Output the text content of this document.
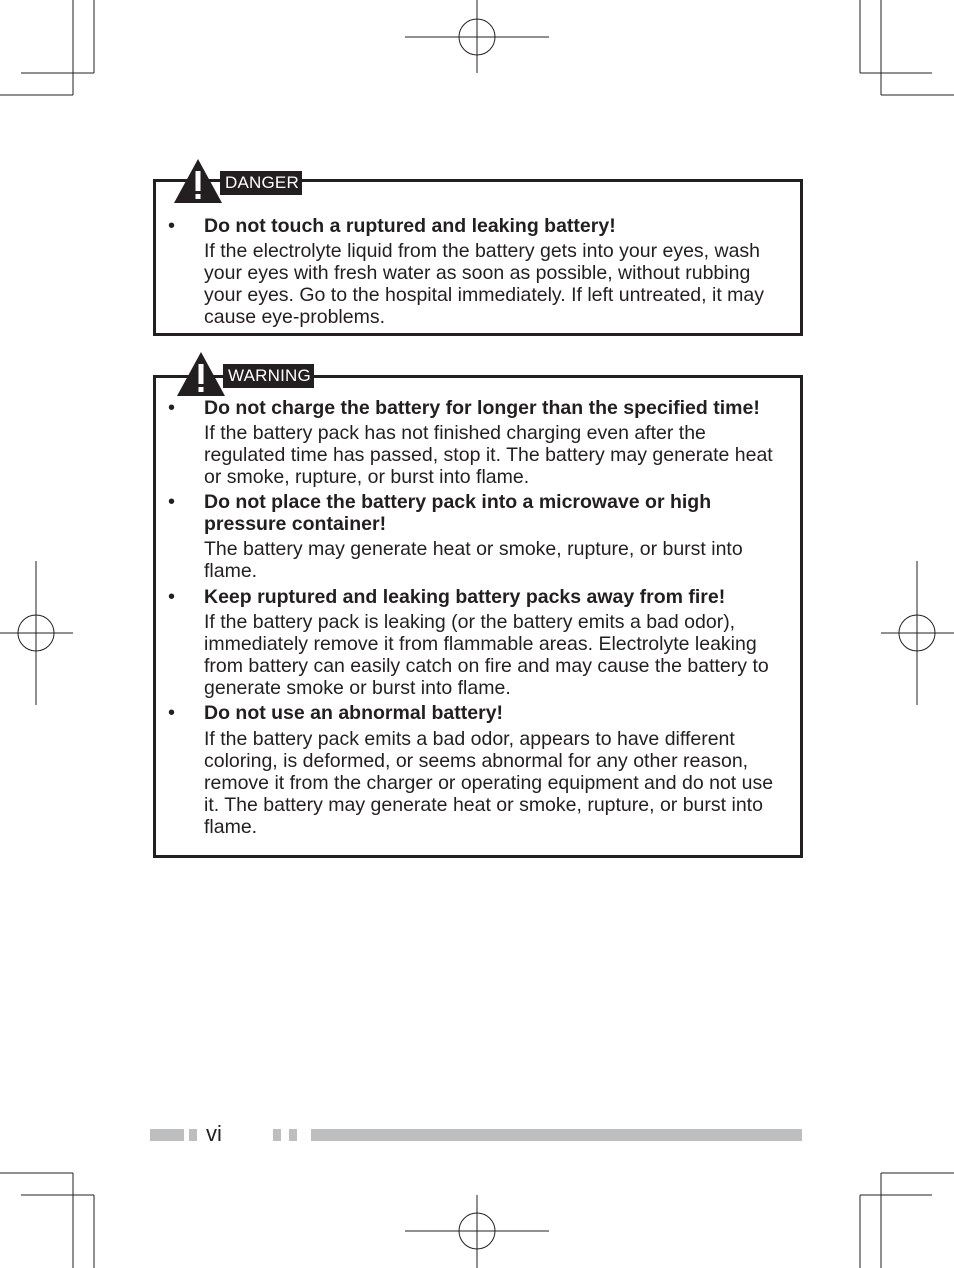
• Do not touch a ruptured and leaking battery!

If the electrolyte liquid from the battery gets into your eyes, wash your eyes with fresh water as soon as possible, without rubbing your eyes. Go to the hospital immediately. If left untreated, it may cause eye-problems.

DANGER
• Do not charge the battery for longer than the specified time!

If the battery pack has not finished charging even after the regulated time has passed, stop it. The battery may generate heat or smoke, rupture, or burst into flame.

• Do not place the battery pack into a microwave or high pressure container!

The battery may generate heat or smoke, rupture, or burst into flame.

• Keep ruptured and leaking battery packs away from fire!

If the battery pack is leaking (or the battery emits a bad odor), immediately remove it from flammable areas. Electrolyte leaking from battery can easily catch on fire and may cause the battery to generate smoke or burst into flame.

• Do not use an abnormal battery!

If the battery pack emits a bad odor, appears to have different coloring, is deformed, or seems abnormal for any other reason, remove it from the charger or operating equipment and do not use it. The battery may generate heat or smoke, rupture, or burst into flame.

WARNING
vi
